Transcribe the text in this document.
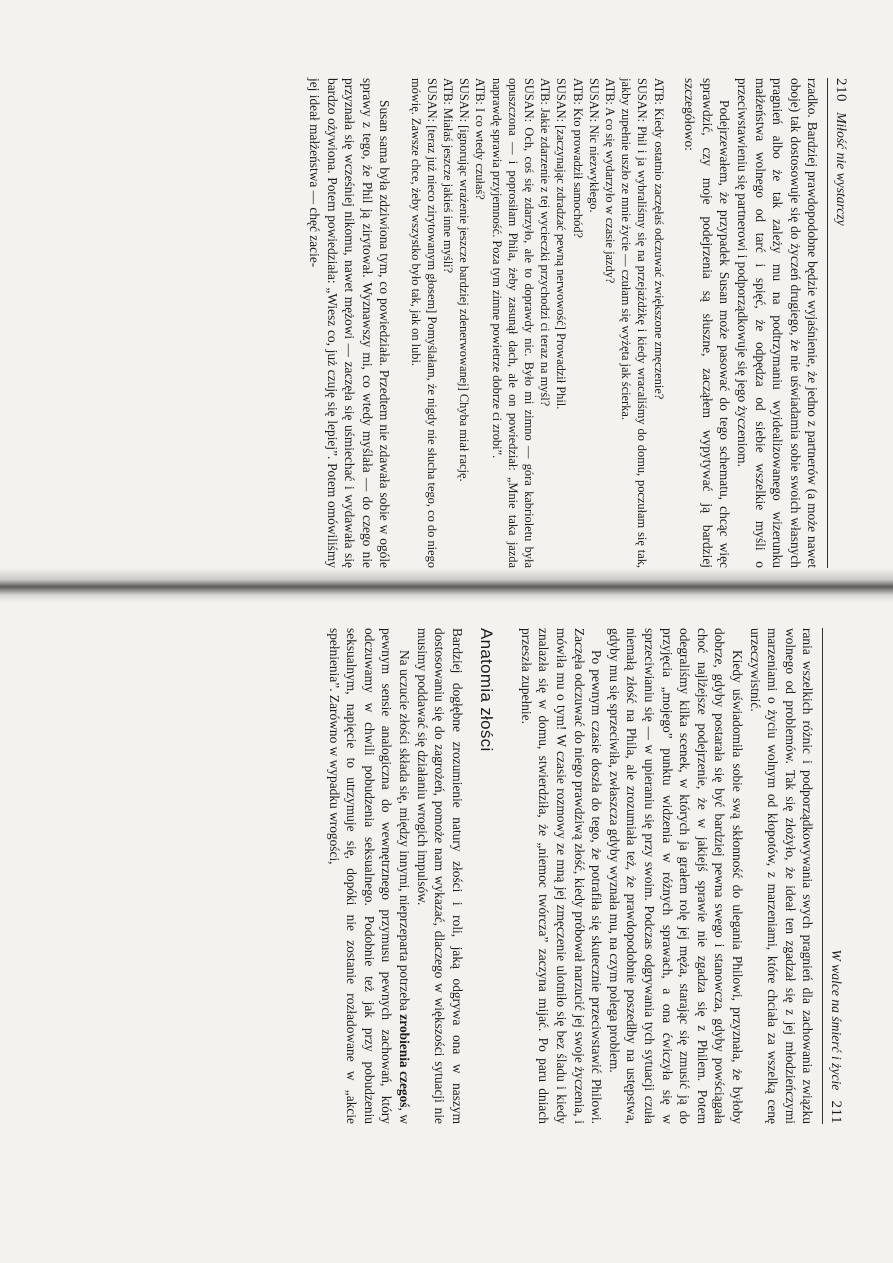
210   Miłość nie wystarczy

rzadko. Bardziej prawdopodobne będzie wyjaśnienie, że jedno z partnerów (a może nawet oboje) tak dostosowuje się do życzeń drugiego, że nie uświadamia sobie swoich własnych pragnień albo że tak zależy mu na podtrzymaniu wyidealizowanego wizerunku małżeństwa wolnego od tarć i spięć, że odpędza od siebie wszelkie myśli o przeciwstawieniu się partnerowi i podporządkowuje się jego życzeniom.

Podejrzewałem, że przypadek Susan może pasować do tego schematu, chcąc więc sprawdzić, czy moje podejrzenia są słuszne, zacząłem wypytywać ją bardziej szczegółowo:

ATB: Kiedy ostatnio zaczęłaś odczuwać zwiększone zmęczenie?

SUSAN: Phil i ja wybraliśmy się na przejażdżkę i kiedy wracaliśmy do domu, poczułam się tak, jakby zupełnie uszło ze mnie życie — czułam się wyżęta jak ścierka.

ATB: A co się wydarzyło w czasie jazdy?

SUSAN: Nic niezwykłego.

ATB: Kto prowadził samochód?

SUSAN: [zaczynając zdradzać pewną nerwowość] Prowadził Phil.

ATB: Jakie zdarzenie z tej wycieczki przychodzi ci teraz na myśl?

SUSAN: Och, coś się zdarzyło, ale to doprawdy nic. Było mi zimno — góra kabrioletu była opuszczona — i poprosiłam Phila, żeby zasunął dach, ale on powiedział: „Mnie taka jazda naprawdę sprawia przyjemność. Poza tym zimne powietrze dobrze ci zrobi”.

ATB: I co wtedy czułaś?

SUSAN: [ignorując wrażenie jeszcze bardziej zdenerwowanej] Chyba miał rację.

ATB: Miałaś jeszcze jakieś inne myśli?

SUSAN: [teraz już nieco zirytowanym głosem] Pomyślałam, że nigdy nie słucha tego, co do niego mówię. Zawsze chce, żeby wszystko było tak, jak on lubi.

Susan sama była zdziwiona tym, co powiedziała. Przedtem nie zdawała sobie w ogóle sprawy z tego, że Phil ją zirytował. Wyznawszy mi, co wtedy myślała — do czego nie przyznała się wcześniej nikomu, nawet mężowi — zaczęła się uśmiechać i wydawała się bardzo ożywiona. Potem powiedziała: „Wiesz co, już czuję się lepiej”. Potem omówiliśmy jej ideał małżeństwa — chęć zacie-

W walce na śmierć i życie   211

rania wszelkich różnic i podporządkowywania swych pragnień dla zachowania związku wolnego od problemów. Tak się złożyło, że ideał ten zgadzał się z jej młodzieńczymi marzeniami o życiu wolnym od kłopotów, z marzeniami, które chciała za wszelką cenę urzeczywistnić.

Kiedy uświadomiła sobie swą skłonność do ulegania Philowi, przyznała, że byłoby dobrze, gdyby postarała się być bardziej pewna swego i stanowcza, gdyby powściągała choć najlżejsze podejrzenie, że w jakiejś sprawie nie zgadza się z Philem. Potem odegraliśmy kilka scenek, w których ja grałem rolę jej męża, starając się zmusić ją do przyjęcia „mojego” punktu widzenia w różnych sprawach, a ona ćwiczyła się w sprzeciwianiu się — w upieraniu się przy swoim. Podczas odgrywania tych sytuacji czuła niemałą złość na Phila, ale zrozumiała też, że prawdopodobnie poszedłby na ustępstwa, gdyby mu się sprzeciwiła, zwłaszcza gdyby wyznała mu, na czym polega problem.

Po pewnym czasie doszła do tego, że potrafiła się skutecznie przeciwstawić Philowi. Zaczęła odczuwać do niego prawdziwą złość, kiedy próbował narzucić jej swoje życzenia, i mówiła mu o tym! W czasie rozmowy ze mną jej zmęczenie ulotniło się bez śladu i kiedy znalazła się w domu, stwierdziła, że „niemoc twórcza” zaczyna mijać. Po paru dniach przeszła zupełnie.

Anatomia złości

Bardziej dogłębne zrozumienie natury złości i roli, jaką odgrywa ona w naszym dostosowaniu się do zagrożeń, pomoże nam wykazać, dlaczego w większości sytuacji nie musimy poddawać się działaniu wrogich impulsów.

Na uczucie złości składa się, między innymi, nieprzeparta potrzeba zrobienia czegoś, w pewnym sensie analogiczna do wewnętrznego przymusu pewnych zachowań, który odczuwamy w chwili pobudzenia seksualnego. Podobnie też jak przy pobudzeniu seksualnym, napięcie to utrzymuje się, dopóki nie zostanie rozładowane w „akcie spełnienia”. Zarówno w wypadku wrogości,
